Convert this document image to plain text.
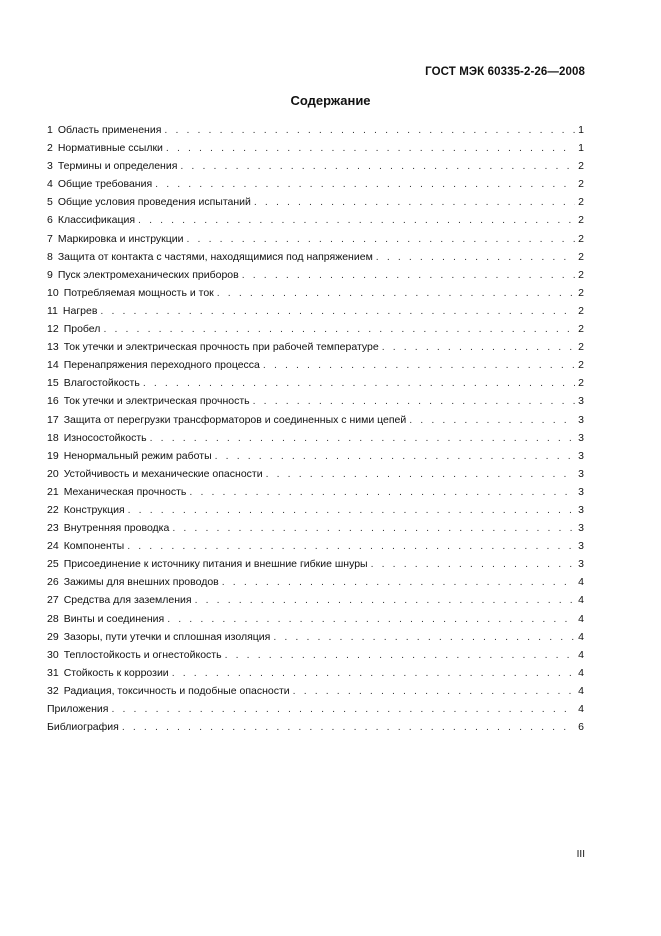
ГОСТ МЭК 60335-2-26—2008
Содержание
1 Область применения . . .	1
2 Нормативные ссылки . . .	1
3 Термины и определения . . .	2
4 Общие требования . . .	2
5 Общие условия проведения испытаний . . .	2
6 Классификация . . .	2
7 Маркировка и инструкции . . .	2
8 Защита от контакта с частями, находящимися под напряжением . . .	2
9 Пуск электромеханических приборов . . .	2
10 Потребляемая мощность и ток . . .	2
11 Нагрев . . .	2
12 Пробел . . .	2
13 Ток утечки и электрическая прочность при рабочей температуре . . .	2
14 Перенапряжения переходного процесса . . .	2
15 Влагостойкость . . .	2
16 Ток утечки и электрическая прочность . . .	3
17 Защита от перегрузки трансформаторов и соединенных с ними цепей . . .	3
18 Износостойкость . . .	3
19 Ненормальный режим работы . . .	3
20 Устойчивость и механические опасности . . .	3
21 Механическая прочность . . .	3
22 Конструкция . . .	3
23 Внутренняя проводка . . .	3
24 Компоненты . . .	3
25 Присоединение к источнику питания и внешние гибкие шнуры . . .	3
26 Зажимы для внешних проводов . . .	4
27 Средства для заземления . . .	4
28 Винты и соединения . . .	4
29 Зазоры, пути утечки и сплошная изоляция . . .	4
30 Теплостойкость и огнестойкость . . .	4
31 Стойкость к коррозии . . .	4
32 Радиация, токсичность и подобные опасности . . .	4
Приложения . . .	4
Библиография . . .	6
III
